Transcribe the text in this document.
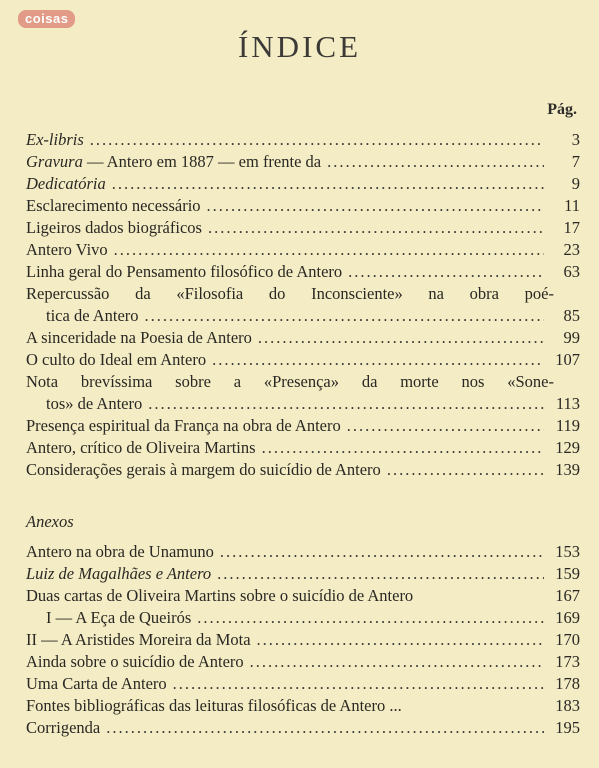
coisas
ÍNDICE
Pág.
Ex-libris .....	3
Gravura — Antero em 1887 — em frente da .....	7
Dedicatória .....	9
Esclarecimento necessário .....	11
Ligeiros dados biográficos .....	17
Antero Vivo .....	23
Linha geral do Pensamento filosófico de Antero .....	63
Repercussão da «Filosofia do Inconsciente» na obra poé-
tica de Antero .....	85
A sinceridade na Poesia de Antero .....	99
O culto do Ideal em Antero .....	107
Nota brevíssima sobre a «Presença» da morte nos «Sone-
tos» de Antero .....	113
Presença espiritual da França na obra de Antero .....	119
Antero, crítico de Oliveira Martins .....	129
Considerações gerais à margem do suicídio de Antero .....	139
Anexos
Antero na obra de Unamuno .....	153
Luiz de Magalhães e Antero .....	159
Duas cartas de Oliveira Martins sobre o suicídio de Antero	167
I — A Eça de Queirós .....	169
II — A Aristides Moreira da Mota .....	170
Ainda sobre o suicídio de Antero .....	173
Uma Carta de Antero .....	178
Fontes bibliográficas das leituras filosóficas de Antero ...	183
Corrigenda .....	195
